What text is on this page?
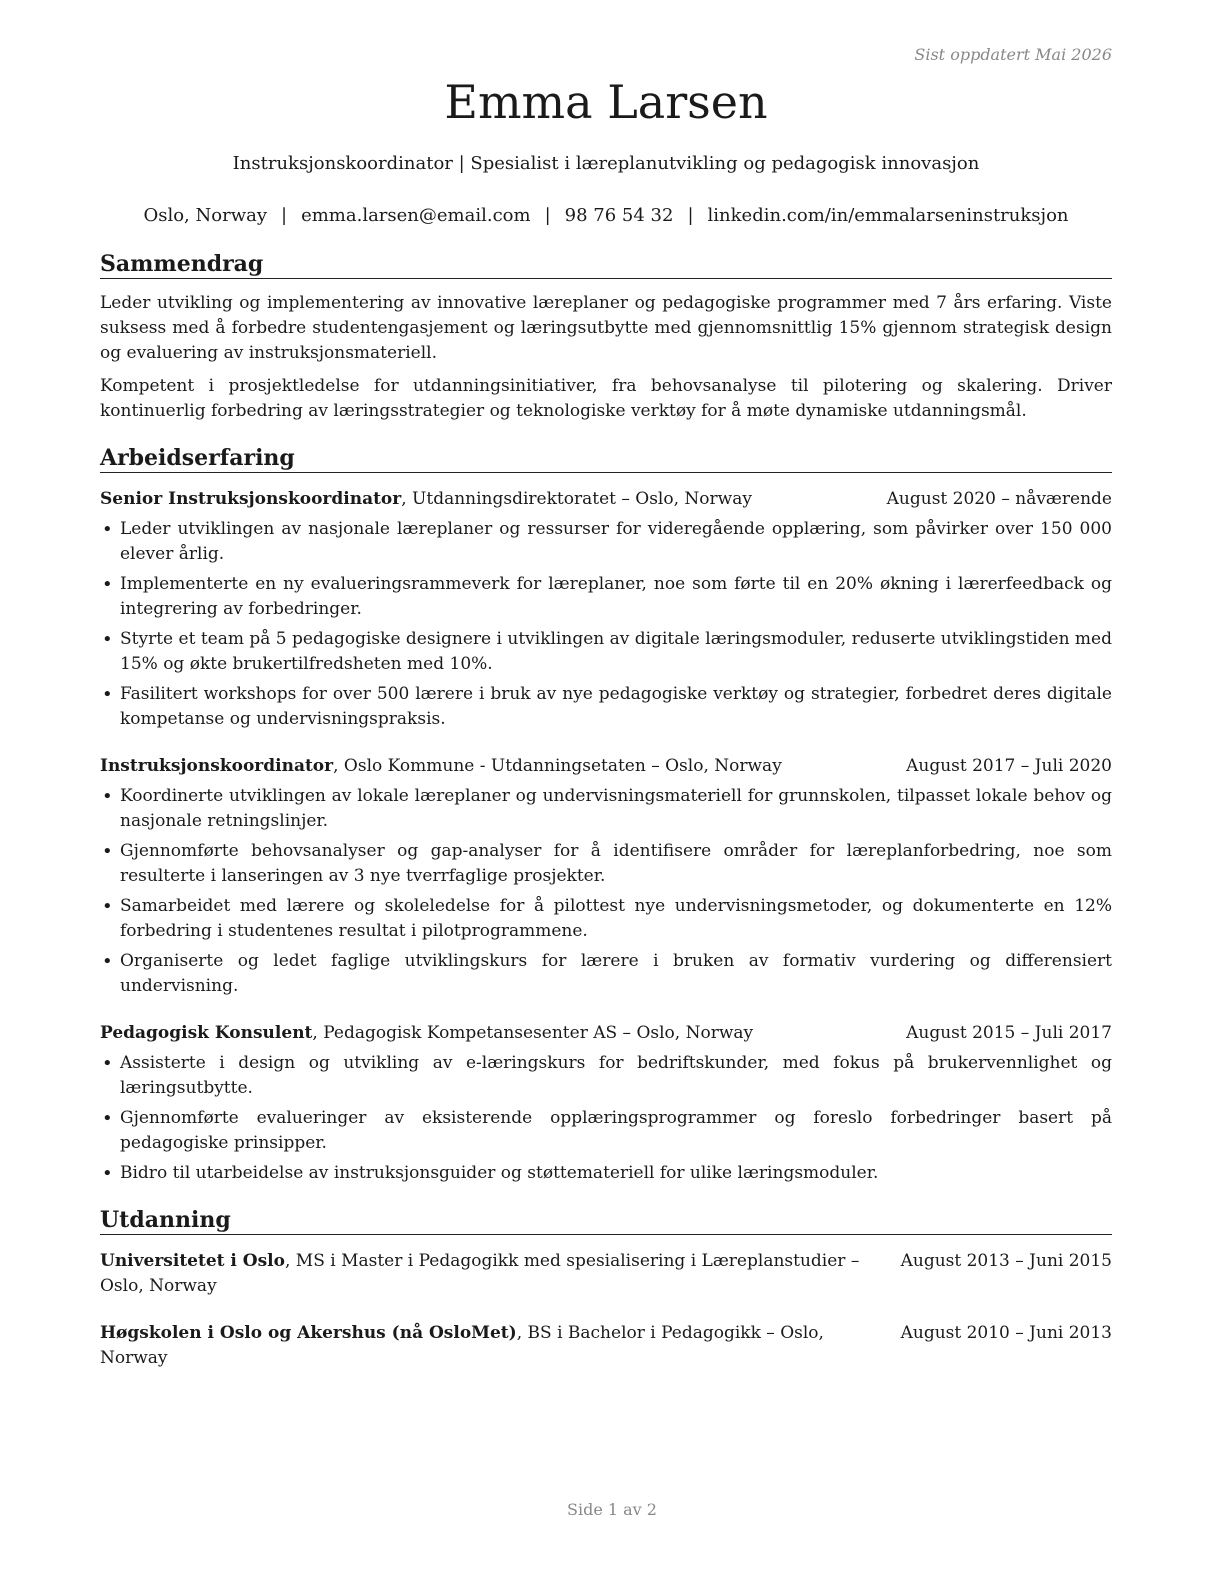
Sist oppdatert Mai 2026
Emma Larsen
Instruksjonskoordinator | Spesialist i læreplanutvikling og pedagogisk innovasjon
Oslo, Norway | emma.larsen@email.com | 98 76 54 32 | linkedin.com/in/emmalarseninstruksjon
Sammendrag

Leder utvikling og implementering av innovative læreplaner og pedagogiske programmer med 7 års erfaring. Viste suksess med å forbedre studentengasjement og læringsutbytte med gjennomsnittlig 15% gjennom strategisk design og evaluering av instruksjonsmateriell.

Kompetent i prosjektledelse for utdanningsinitiativer, fra behovsanalyse til pilotering og skalering. Driver kontinuerlig forbedring av læringsstrategier og teknologiske verktøy for å møte dynamiske utdanningsmål.

Arbeidserfaring
Senior Instruksjonskoordinator, Utdanningsdirektoratet – Oslo, Norway	August 2020 – nåværende
• Leder utviklingen av nasjonale læreplaner og ressurser for videregående opplæring, som påvirker over 150 000 elever årlig.
• Implementerte en ny evalueringsrammeverk for læreplaner, noe som førte til en 20% økning i lærerfeedback og integrering av forbedringer.
• Styrte et team på 5 pedagogiske designere i utviklingen av digitale læringsmoduler, reduserte utviklingstiden med 15% og økte brukertilfredsheten med 10%.
• Fasilitert workshops for over 500 lærere i bruk av nye pedagogiske verktøy og strategier, forbedret deres digitale kompetanse og undervisningspraksis.
Instruksjonskoordinator, Oslo Kommune - Utdanningsetaten – Oslo, Norway	August 2017 – Juli 2020
• Koordinerte utviklingen av lokale læreplaner og undervisningsmateriell for grunnskolen, tilpasset lokale behov og nasjonale retningslinjer.
• Gjennomførte behovsanalyser og gap-analyser for å identifisere områder for læreplanforbedring, noe som resulterte i lanseringen av 3 nye tverrfaglige prosjekter.
• Samarbeidet med lærere og skoleledelse for å pilottest nye undervisningsmetoder, og dokumenterte en 12% forbedring i studentenes resultat i pilotprogrammene.
• Organiserte og ledet faglige utviklingskurs for lærere i bruken av formativ vurdering og differensiert undervisning.
Pedagogisk Konsulent, Pedagogisk Kompetansesenter AS – Oslo, Norway	August 2015 – Juli 2017
• Assisterte i design og utvikling av e-læringskurs for bedriftskunder, med fokus på brukervennlighet og læringsutbytte.
• Gjennomførte evalueringer av eksisterende opplæringsprogrammer og foreslo forbedringer basert på pedagogiske prinsipper.
• Bidro til utarbeidelse av instruksjonsguider og støttemateriell for ulike læringsmoduler.
Utdanning
Universitetet i Oslo, MS i Master i Pedagogikk med spesialisering i Læreplanstudier – Oslo, Norway
August 2013 – Juni 2015
Høgskolen i Oslo og Akershus (nå OsloMet), BS i Bachelor i Pedagogikk – Oslo, Norway
August 2010 – Juni 2013
Side 1 av 2
